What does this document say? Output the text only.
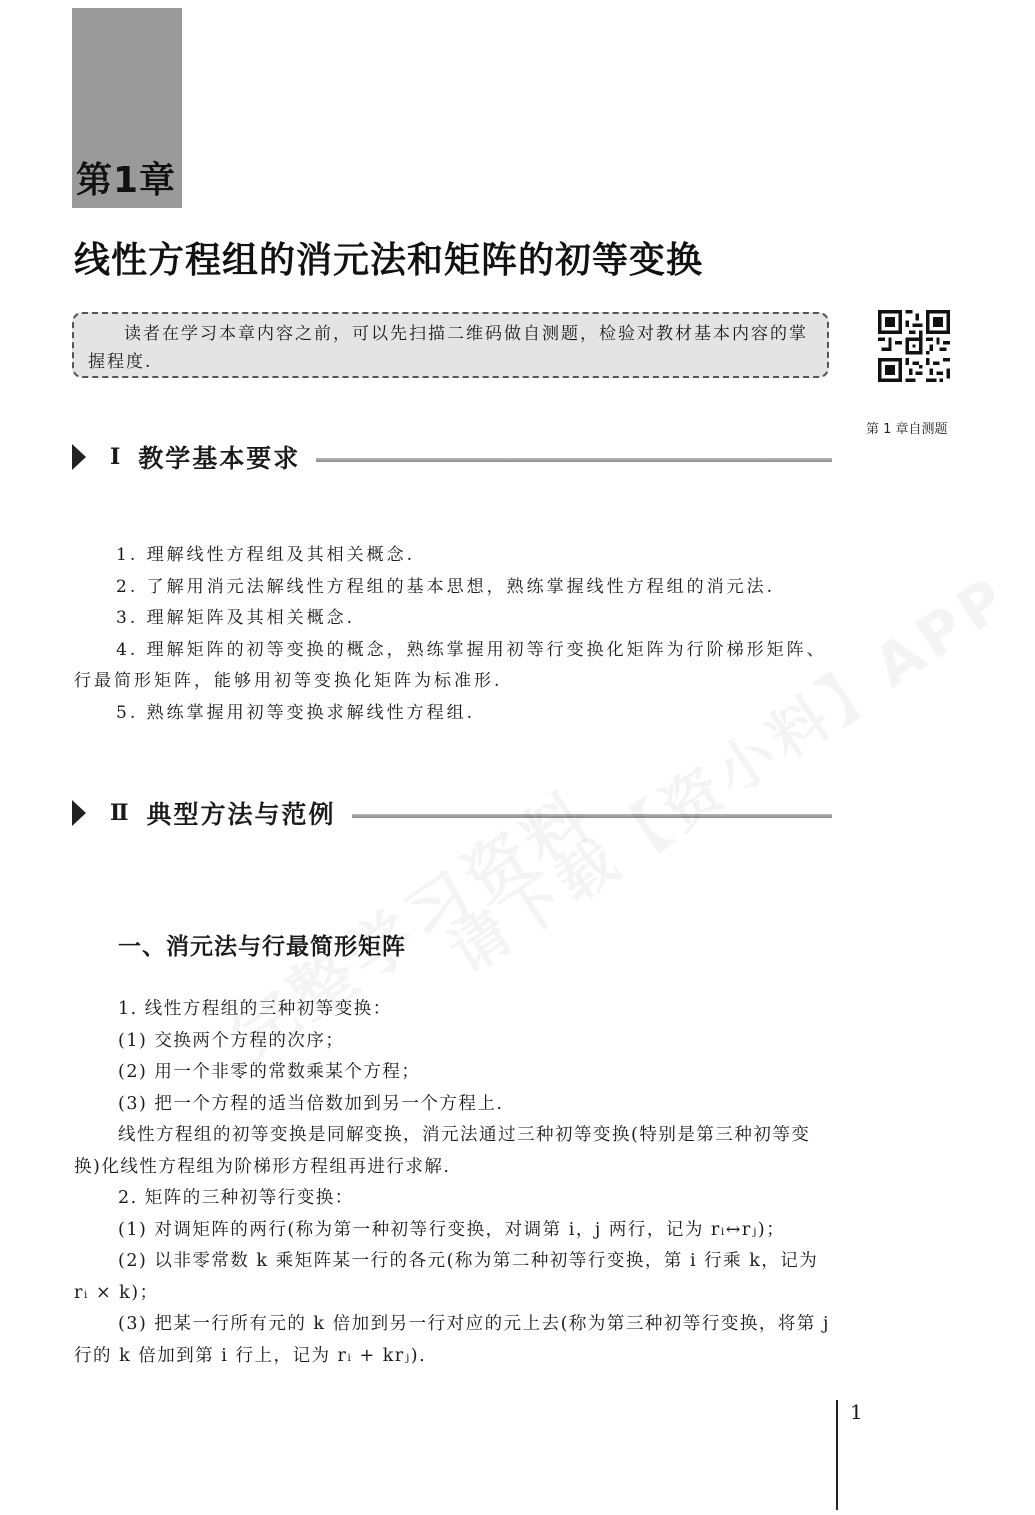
第1章
线性方程组的消元法和矩阵的初等变换

读者在学习本章内容之前，可以先扫描二维码做自测题，检验对教材基本内容的掌握程度.

第 1 章自测题
I 教学基本要求

1. 理解线性方程组及其相关概念.

2. 了解用消元法解线性方程组的基本思想，熟练掌握线性方程组的消元法.

3. 理解矩阵及其相关概念.

4. 理解矩阵的初等变换的概念，熟练掌握用初等行变换化矩阵为行阶梯形矩阵、行最简形矩阵，能够用初等变换化矩阵为标准形.

5. 熟练掌握用初等变换求解线性方程组.

Ⅱ 典型方法与范例
一、消元法与行最简形矩阵

1. 线性方程组的三种初等变换：

(1) 交换两个方程的次序；

(2) 用一个非零的常数乘某个方程；

(3) 把一个方程的适当倍数加到另一个方程上.

线性方程组的初等变换是同解变换，消元法通过三种初等变换(特别是第三种初等变换)化线性方程组为阶梯形方程组再进行求解.

2. 矩阵的三种初等行变换：

(1) 对调矩阵的两行(称为第一种初等行变换，对调第 i，j 两行，记为 rᵢ↔rⱼ)；

(2) 以非零常数 k 乘矩阵某一行的各元(称为第二种初等行变换，第 i 行乘 k，记为 rᵢ × k)；

(3) 把某一行所有元的 k 倍加到另一行对应的元上去(称为第三种初等行变换，将第 j 行的 k 倍加到第 i 行上，记为 rᵢ + krⱼ).

1
